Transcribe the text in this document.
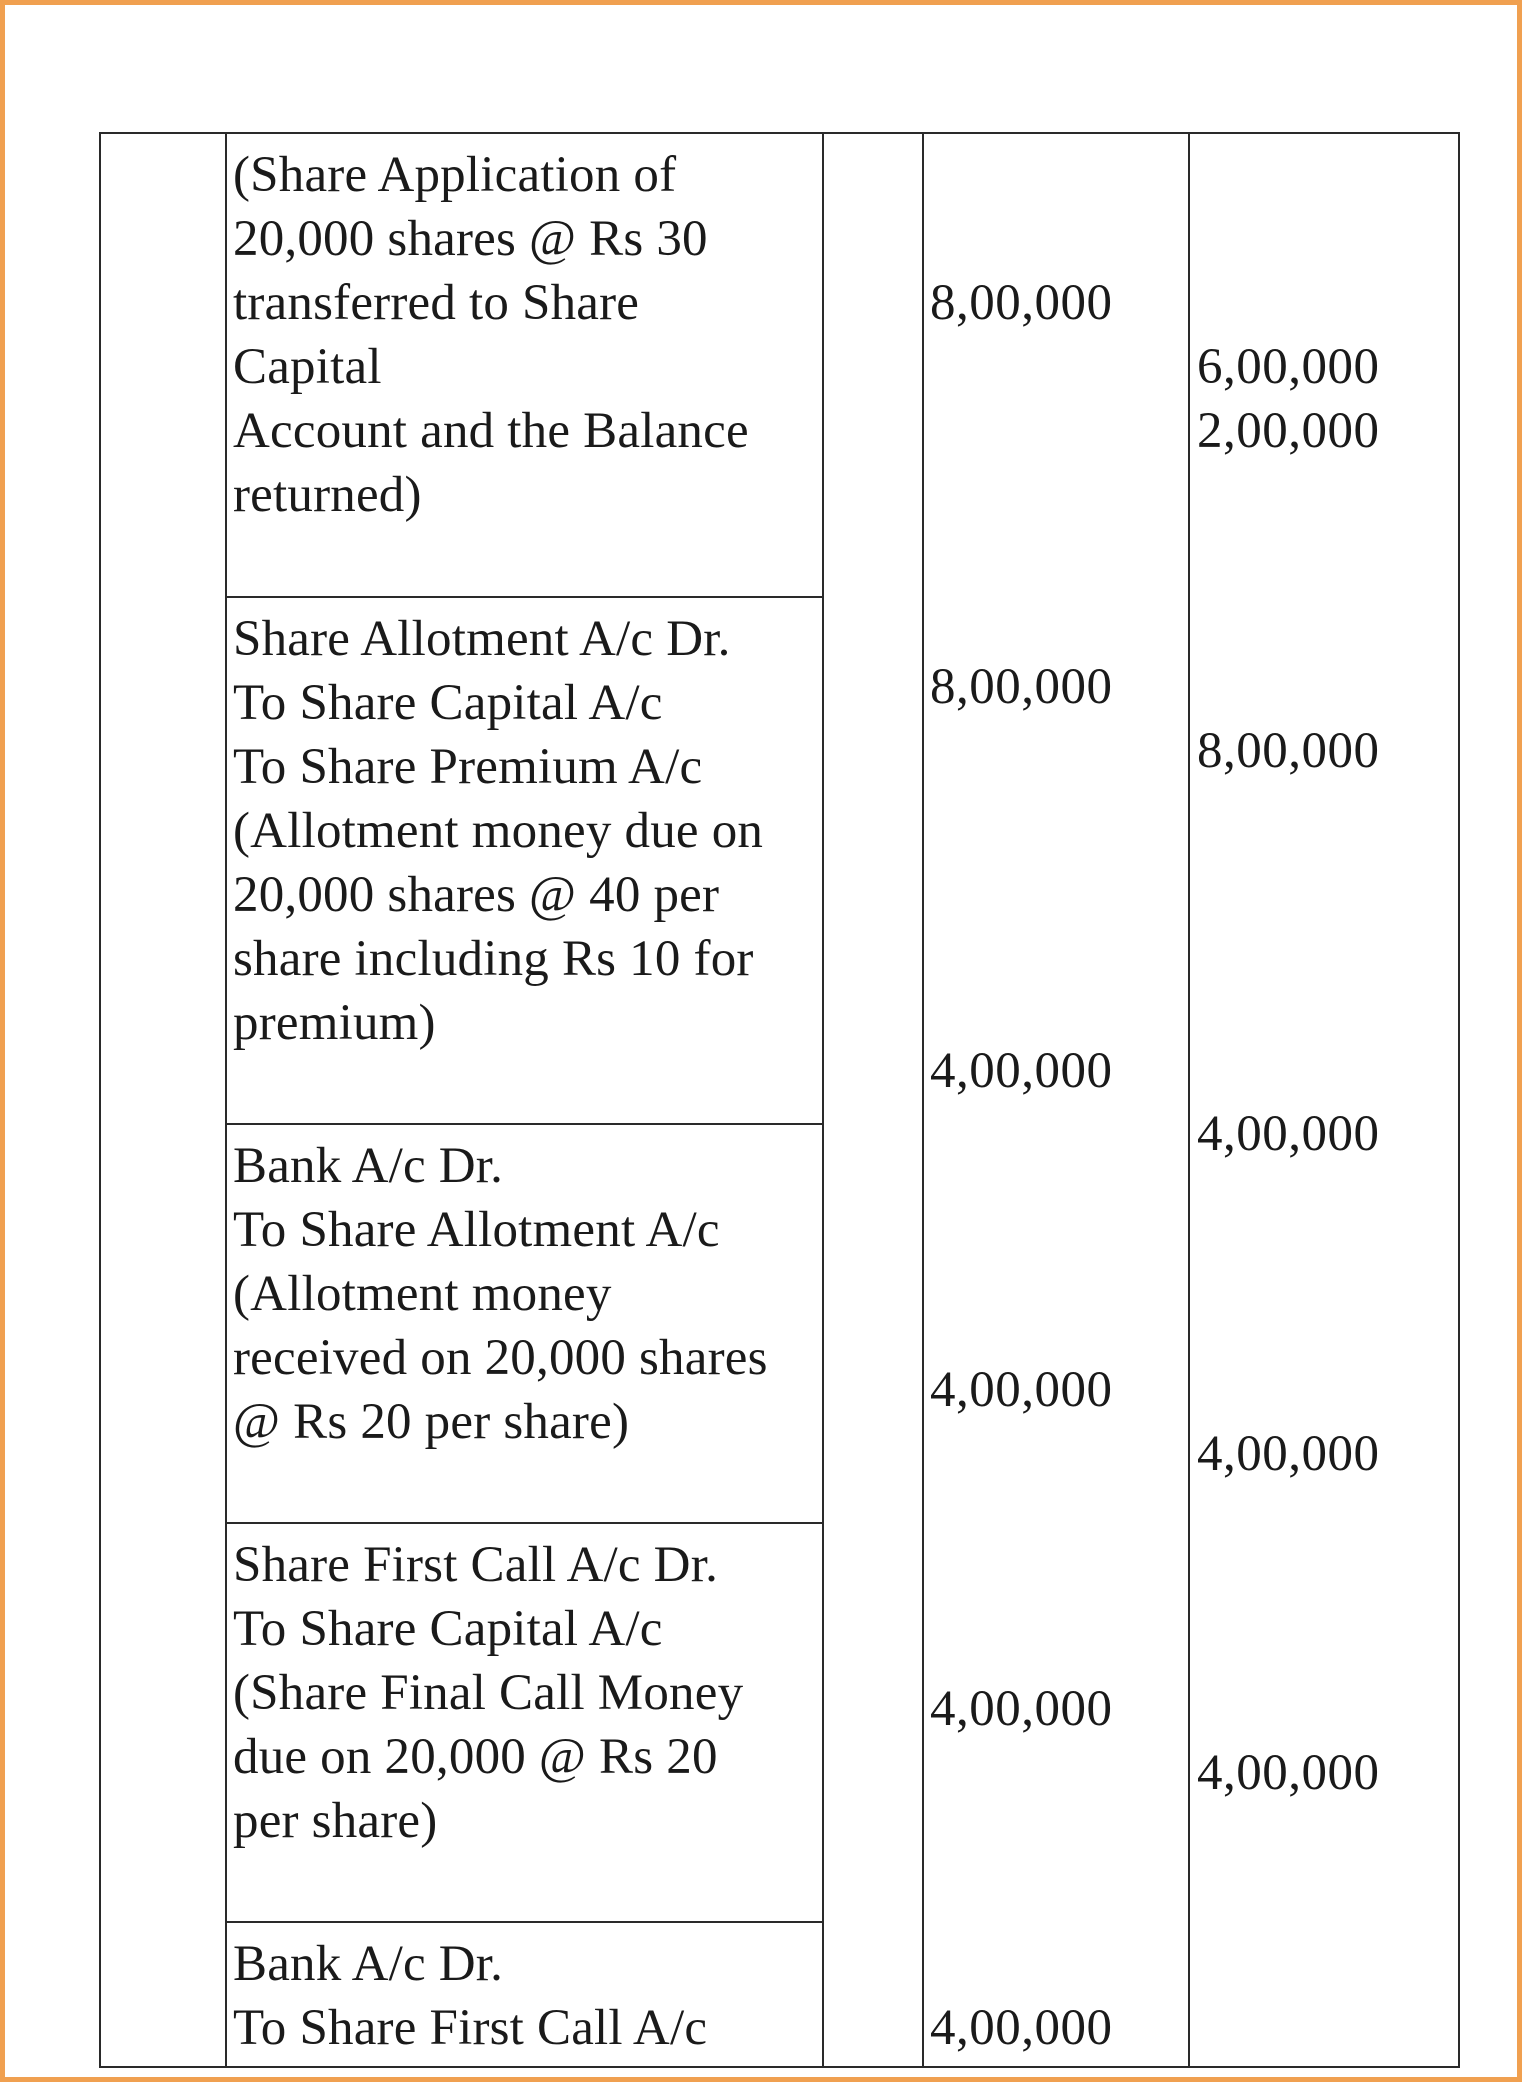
(Share Application of
20,000 shares @ Rs 30
transferred to Share
Capital
Account and the Balance
returned)
8,00,000
6,00,000
2,00,000
Share Allotment A/c Dr.
To Share Capital A/c
To Share Premium A/c
(Allotment money due on
20,000 shares @ 40 per
share including Rs 10 for
premium)
8,00,000
8,00,000
Bank A/c Dr.
To Share Allotment A/c
(Allotment money
received on 20,000 shares
@ Rs 20 per share)
4,00,000
4,00,000
Share First Call A/c Dr.
To Share Capital A/c
(Share Final Call Money
due on 20,000 @ Rs 20
per share)
4,00,000
4,00,000
Bank A/c Dr.
To Share First Call A/c
4,00,000
4,00,000
4,00,000
